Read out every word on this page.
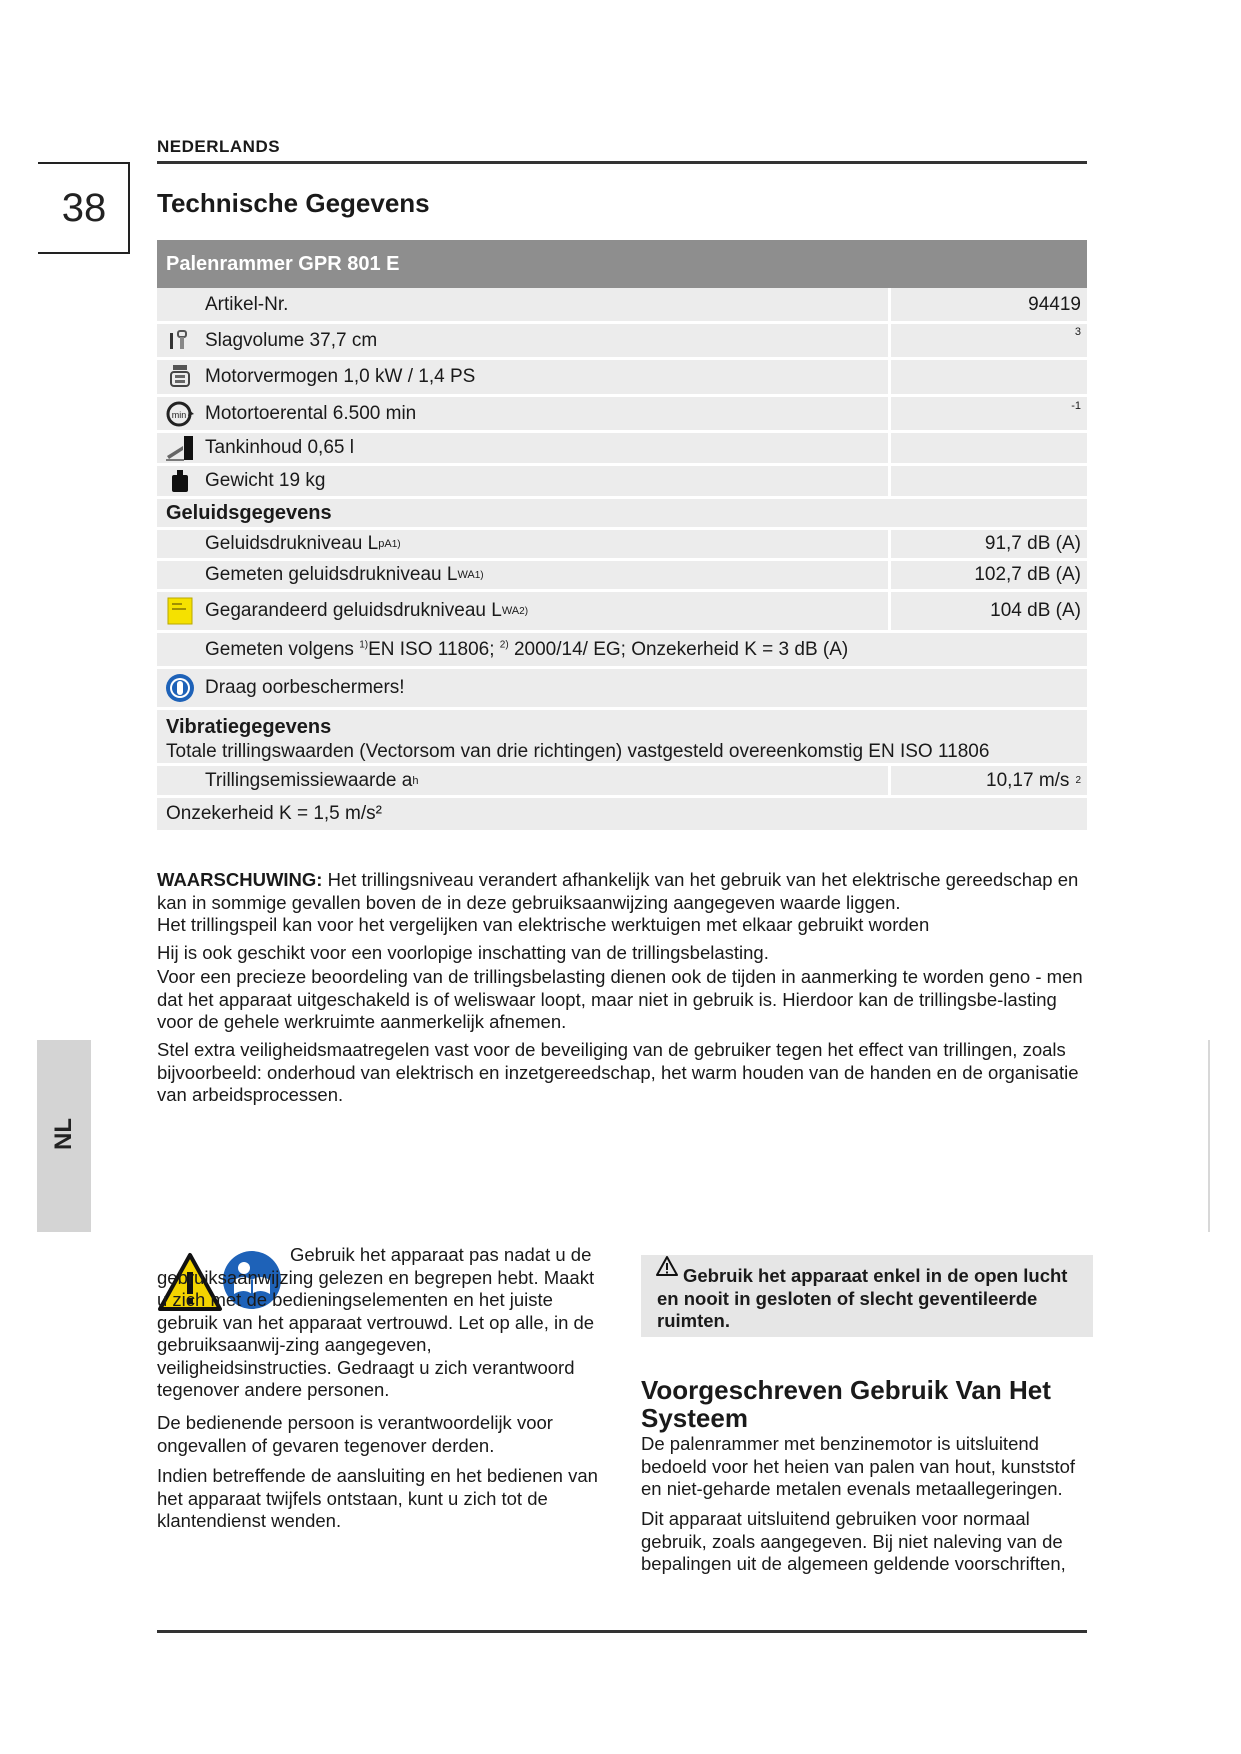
38
NEDERLANDS
Technische Gegevens
NL
Palenrammer GPR 801 E
Artikel-Nr.	94419
Slagvolume 37,7 cm	3
Motorvermogen 1,0 kW / 1,4 PS
min Motortoerental 6.500 min	-1
Tankinhoud 0,65 l
Gewicht 19 kg
Geluidsgegevens
Geluidsdrukniveau L pA 1)	91,7 dB (A)
Gemeten geluidsdrukniveau L WA 1)	102,7 dB (A)
Gegarandeerd geluidsdrukniveau L WA 2)	104 dB (A)
Gemeten volgens $^{1)}$EN ISO 11806; $^{2)}$ 2000/14/ EG; Onzekerheid K = 3 dB (A)
Draag oorbeschermers!
Vibratiegegevens
Totale trillingswaarden (Vectorsom van drie richtingen) vastgesteld overeenkomstig EN ISO 11806
Trillingsemissiewaarde a h	10,17 m/s 2
Onzekerheid K = 1,5 m/s²
WAARSCHUWING: Het trillingsniveau verandert afhankelijk van het gebruik van het elektrische gereedschap en kan in sommige gevallen boven de in deze gebruiksaanwijzing aangegeven waarde liggen.
Het trillingspeil kan voor het vergelijken van elektrische werktuigen met elkaar gebruikt worden
Hij is ook geschikt voor een voorlopige inschatting van de trillingsbelasting.
Voor een precieze beoordeling van de trillingsbelasting dienen ook de tijden in aanmerking te worden geno - men dat het apparaat uitgeschakeld is of weliswaar loopt, maar niet in gebruik is. Hierdoor kan de trillingsbe-lasting voor de gehele werkruimte aanmerkelijk afnemen.
Stel extra veiligheidsmaatregelen vast voor de beveiliging van de gebruiker tegen het effect van trillingen, zoals bijvoorbeeld: onderhoud van elektrisch en inzetgereedschap, het warm houden van de handen en de organisatie van arbeidsprocessen.
Gebruik het apparaat pas nadat u de gebruiksaanwijzing gelezen en begrepen hebt. Maakt u zich met de bedieningselementen en het juiste gebruik van het apparaat vertrouwd. Let op alle, in de gebruiksaanwij-zing aangegeven, veiligheidsinstructies. Gedraagt u zich verantwoord tegenover andere personen.
De bedienende persoon is verantwoordelijk voor ongevallen of gevaren tegenover derden.
Indien betreffende de aansluiting en het bedienen van het apparaat twijfels ontstaan, kunt u zich tot de klantendienst wenden.
Gebruik het apparaat enkel in de open lucht en nooit in gesloten of slecht geventileerde ruimten.
Voorgeschreven Gebruik Van Het Systeem
De palenrammer met benzinemotor is uitsluitend bedoeld voor het heien van palen van hout, kunststof en niet-geharde metalen evenals metaallegeringen.
Dit apparaat uitsluitend gebruiken voor normaal gebruik, zoals aangegeven. Bij niet naleving van de bepalingen uit de algemeen geldende voorschriften,
